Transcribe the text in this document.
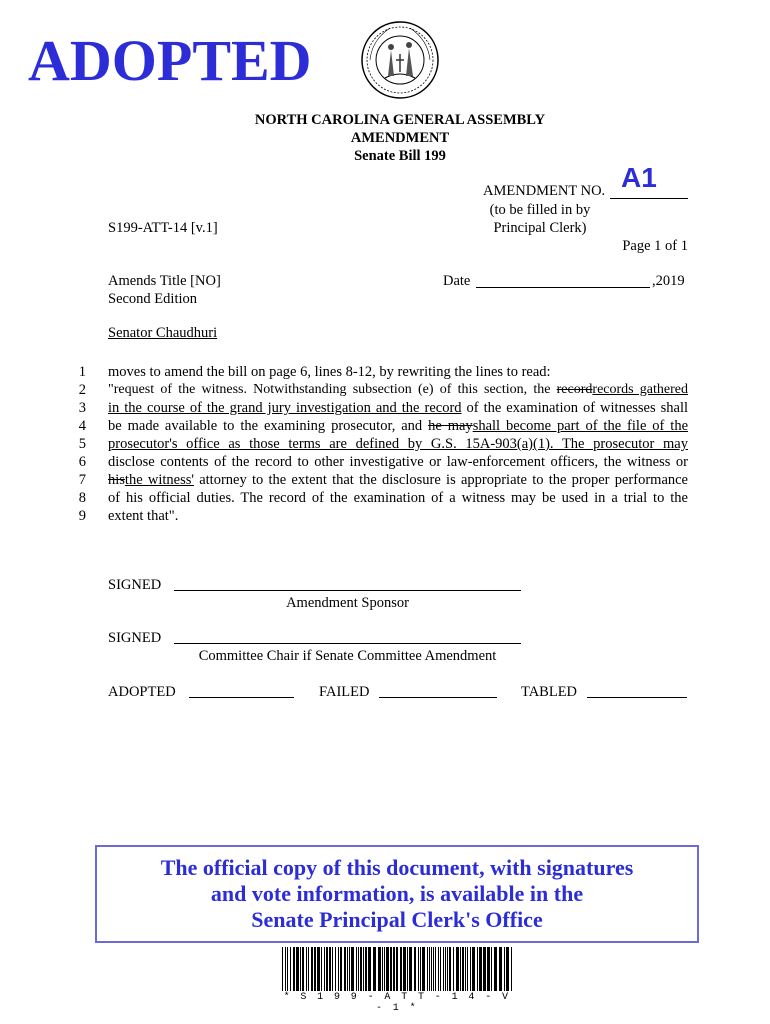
ADOPTED
NORTH CAROLINA GENERAL ASSEMBLY
AMENDMENT
Senate Bill 199
AMENDMENT NO. A1
(to be filled in by
Principal Clerk)
S199-ATT-14 [v.1]
Page 1 of 1
Amends Title [NO]
Second Edition
Date	,2019
Senator Chaudhuri
1
2
3
4
5
6
7
8
9
moves to amend the bill on page 6, lines 8-12, by rewriting the lines to read:
"request of the witness. Notwithstanding subsection (e) of this section, the recordrecords gathered
in the course of the grand jury investigation and the record of the examination of witnesses shall
be made available to the examining prosecutor, and he mayshall become part of the file of the
prosecutor's office as those terms are defined by G.S. 15A-903(a)(1). The prosecutor may
disclose contents of the record to other investigative or law-enforcement officers, the witness or
histhe witness' attorney to the extent that the disclosure is appropriate to the proper performance
of his official duties. The record of the examination of a witness may be used in a trial to the
extent that".
SIGNED
Amendment Sponsor
SIGNED
Committee Chair if Senate Committee Amendment
ADOPTED	FAILED	TABLED
The official copy of this document, with signatures
and vote information, is available in the
Senate Principal Clerk's Office
* S 1 9 9 - A T T - 1 4 - V - 1 *
